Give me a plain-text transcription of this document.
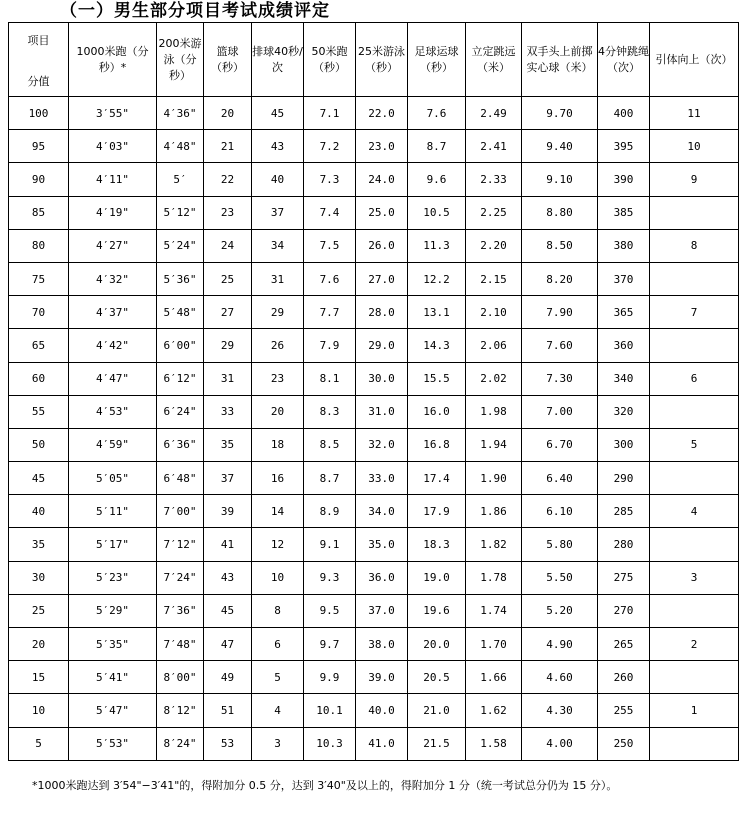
（一）男生部分项目考试成绩评定
项目
分值	1000米跑（分秒）*	200米游泳（分秒）	篮球（秒）	排球40秒/次	50米跑（秒）	25米游泳（秒）	足球运球（秒）	立定跳远（米）	双手头上前掷实心球（米）	4分钟跳绳（次）	引体向上（次）
100	3′55"	4′36"	20	45	7.1	22.0	7.6	2.49	9.70	400	11
95	4′03"	4′48"	21	43	7.2	23.0	8.7	2.41	9.40	395	10
90	4′11"	5′	22	40	7.3	24.0	9.6	2.33	9.10	390	9
85	4′19"	5′12"	23	37	7.4	25.0	10.5	2.25	8.80	385	
80	4′27"	5′24"	24	34	7.5	26.0	11.3	2.20	8.50	380	8
75	4′32"	5′36"	25	31	7.6	27.0	12.2	2.15	8.20	370	
70	4′37"	5′48"	27	29	7.7	28.0	13.1	2.10	7.90	365	7
65	4′42"	6′00"	29	26	7.9	29.0	14.3	2.06	7.60	360	
60	4′47"	6′12"	31	23	8.1	30.0	15.5	2.02	7.30	340	6
55	4′53"	6′24"	33	20	8.3	31.0	16.0	1.98	7.00	320	
50	4′59"	6′36"	35	18	8.5	32.0	16.8	1.94	6.70	300	5
45	5′05"	6′48"	37	16	8.7	33.0	17.4	1.90	6.40	290	
40	5′11"	7′00"	39	14	8.9	34.0	17.9	1.86	6.10	285	4
35	5′17"	7′12"	41	12	9.1	35.0	18.3	1.82	5.80	280	
30	5′23"	7′24"	43	10	9.3	36.0	19.0	1.78	5.50	275	3
25	5′29"	7′36"	45	8	9.5	37.0	19.6	1.74	5.20	270	
20	5′35"	7′48"	47	6	9.7	38.0	20.0	1.70	4.90	265	2
15	5′41"	8′00"	49	5	9.9	39.0	20.5	1.66	4.60	260	
10	5′47"	8′12"	51	4	10.1	40.0	21.0	1.62	4.30	255	1
5	5′53"	8′24"	53	3	10.3	41.0	21.5	1.58	4.00	250	
*1000米跑达到 3′54"−3′41"的，得附加分 0.5 分，达到 3′40"及以上的，得附加分 1 分（统一考试总分仍为 15 分）。
